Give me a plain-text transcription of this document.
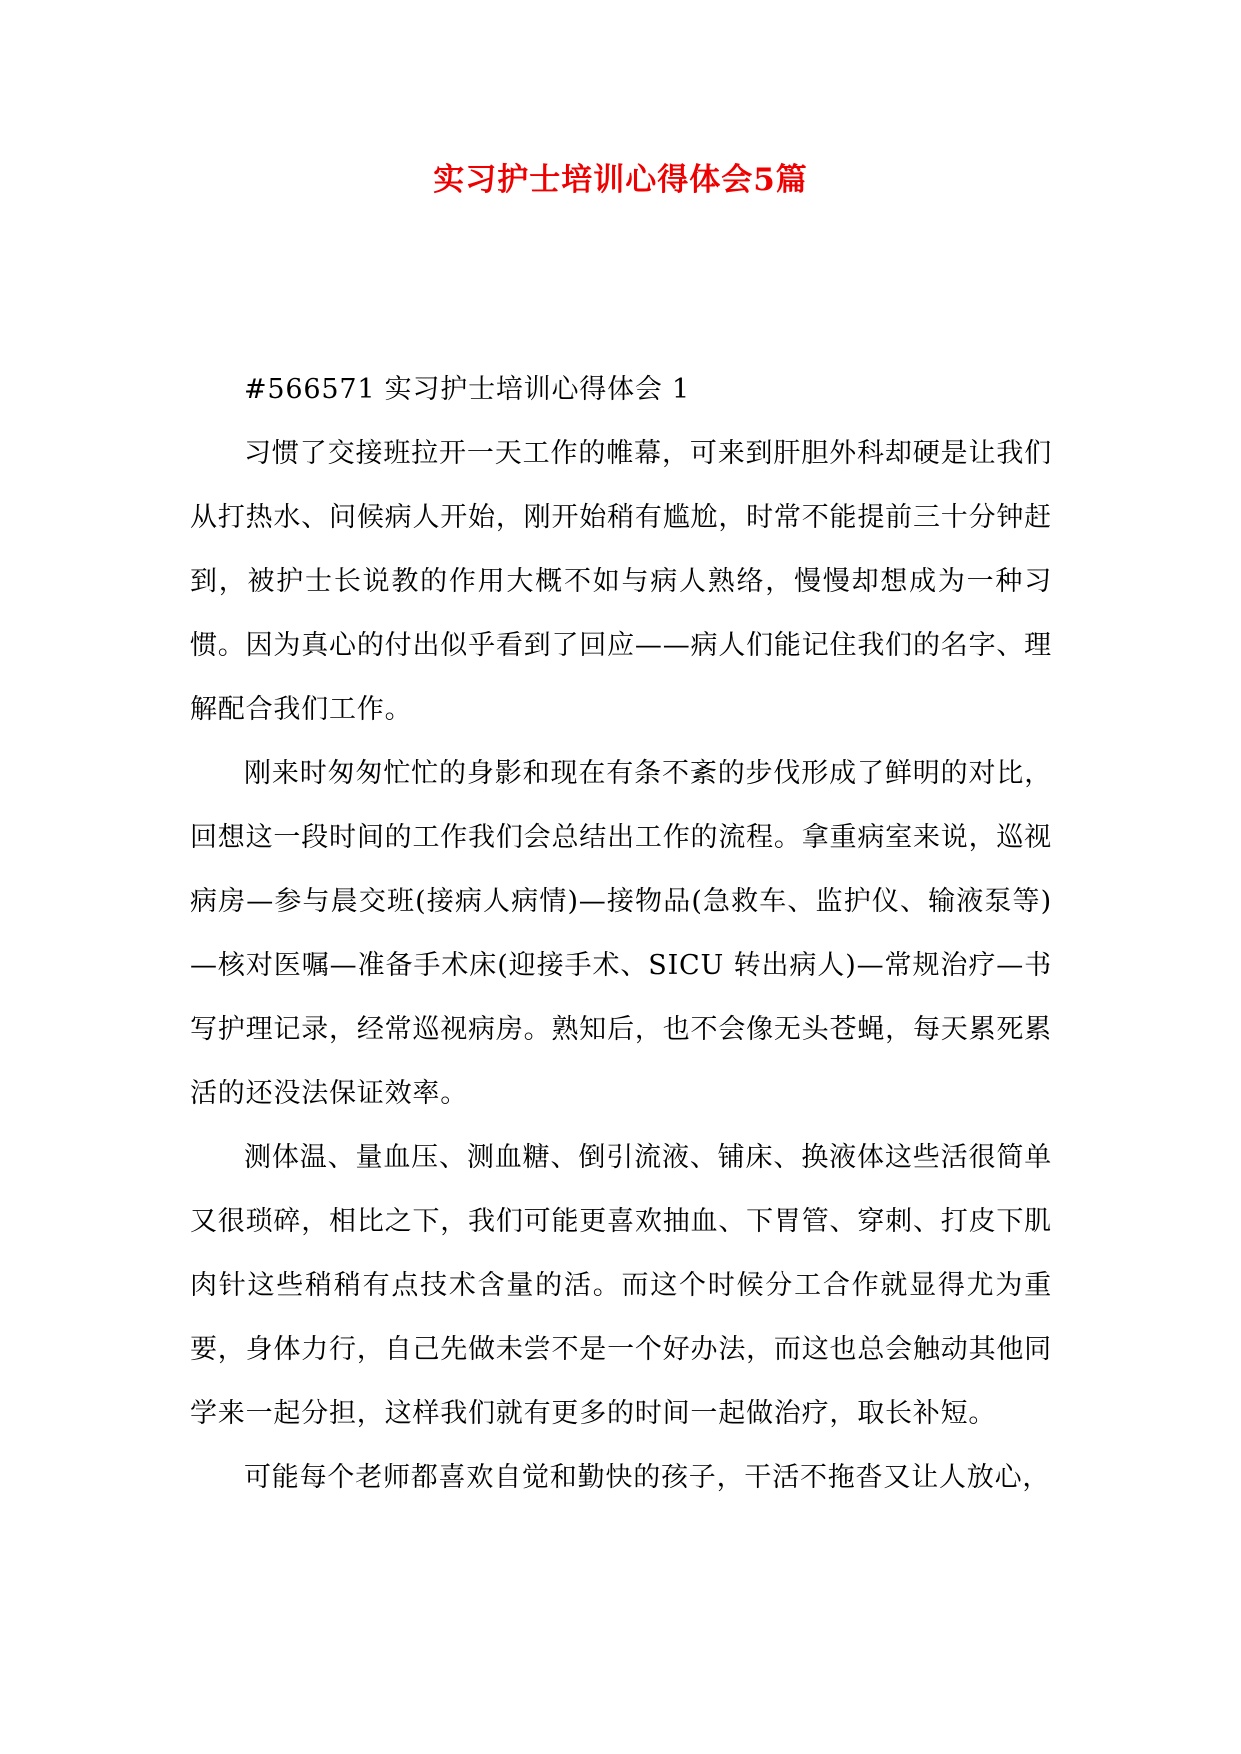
实习护士培训心得体会5篇

#566571 实习护士培训心得体会 1

习惯了交接班拉开一天工作的帷幕，可来到肝胆外科却硬是让我们从打热水、问候病人开始，刚开始稍有尴尬，时常不能提前三十分钟赶到，被护士长说教的作用大概不如与病人熟络，慢慢却想成为一种习惯。因为真心的付出似乎看到了回应——病人们能记住我们的名字、理解配合我们工作。

刚来时匆匆忙忙的身影和现在有条不紊的步伐形成了鲜明的对比，回想这一段时间的工作我们会总结出工作的流程。拿重病室来说，巡视病房—参与晨交班(接病人病情)—接物品(急救车、监护仪、输液泵等)—核对医嘱—准备手术床(迎接手术、SICU 转出病人)—常规治疗—书写护理记录，经常巡视病房。熟知后，也不会像无头苍蝇，每天累死累活的还没法保证效率。

测体温、量血压、测血糖、倒引流液、铺床、换液体这些活很简单又很琐碎，相比之下，我们可能更喜欢抽血、下胃管、穿刺、打皮下肌肉针这些稍稍有点技术含量的活。而这个时候分工合作就显得尤为重要，身体力行，自己先做未尝不是一个好办法，而这也总会触动其他同学来一起分担，这样我们就有更多的时间一起做治疗，取长补短。

可能每个老师都喜欢自觉和勤快的孩子，干活不拖沓又让人放心，
